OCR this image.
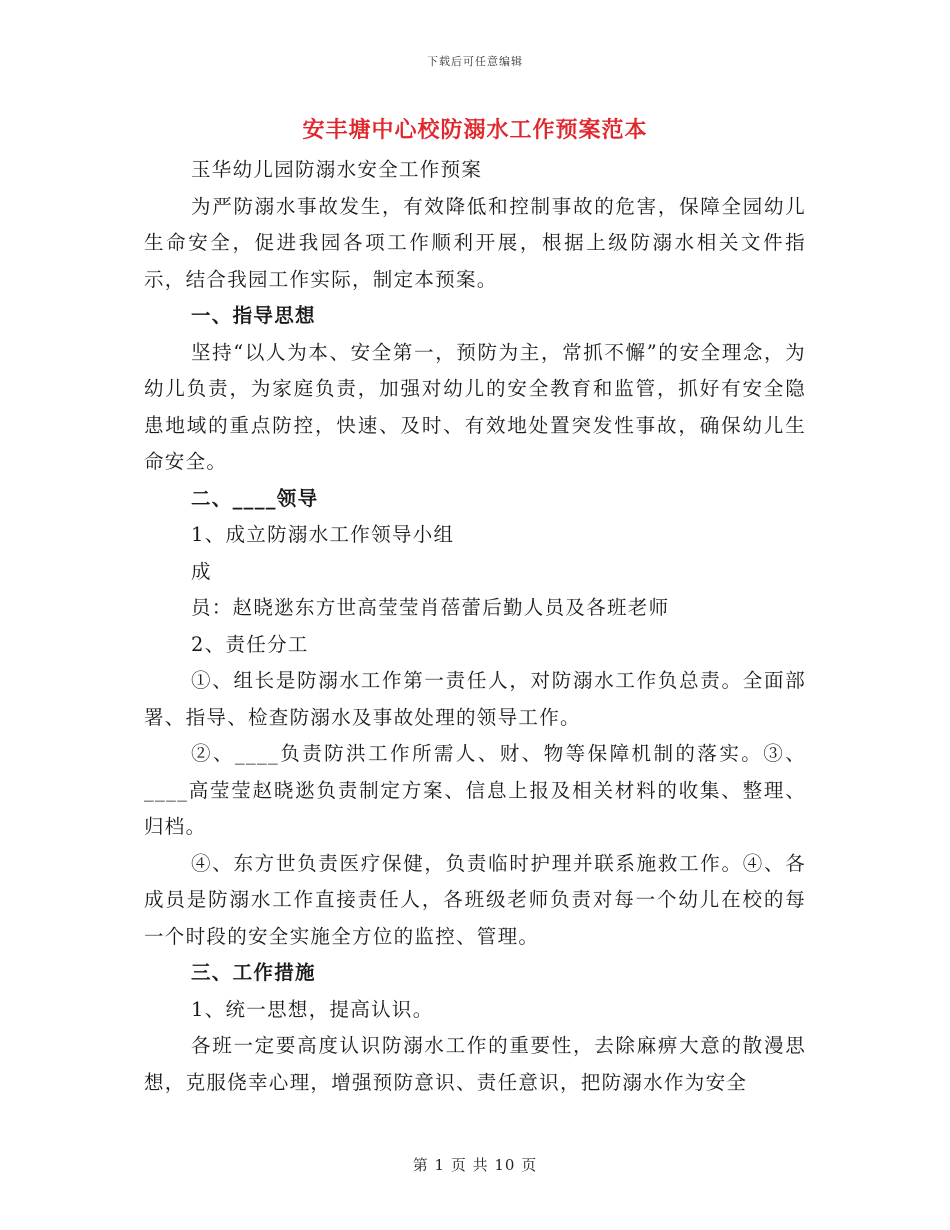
下载后可任意编辑
安丰塘中心校防溺水工作预案范本

玉华幼儿园防溺水安全工作预案

为严防溺水事故发生，有效降低和控制事故的危害，保障全园幼儿生命安全，促进我园各项工作顺利开展，根据上级防溺水相关文件指示，结合我园工作实际，制定本预案。

一、指导思想

坚持“以人为本、安全第一，预防为主，常抓不懈”的安全理念，为幼儿负责，为家庭负责，加强对幼儿的安全教育和监管，抓好有安全隐患地域的重点防控，快速、及时、有效地处置突发性事故，确保幼儿生命安全。

二、____领导

1、成立防溺水工作领导小组

成

员：赵晓逖东方世高莹莹肖蓓蕾后勤人员及各班老师

2、责任分工

①、组长是防溺水工作第一责任人，对防溺水工作负总责。全面部署、指导、检查防溺水及事故处理的领导工作。

②、____负责防洪工作所需人、财、物等保障机制的落实。③、____高莹莹赵晓逖负责制定方案、信息上报及相关材料的收集、整理、归档。

④、东方世负责医疗保健，负责临时护理并联系施救工作。④、各成员是防溺水工作直接责任人，各班级老师负责对每一个幼儿在校的每一个时段的安全实施全方位的监控、管理。

三、工作措施

1、统一思想，提高认识。

各班一定要高度认识防溺水工作的重要性，去除麻痹大意的散漫思想，克服侥幸心理，增强预防意识、责任意识，把防溺水作为安全

第 1 页 共 10 页
